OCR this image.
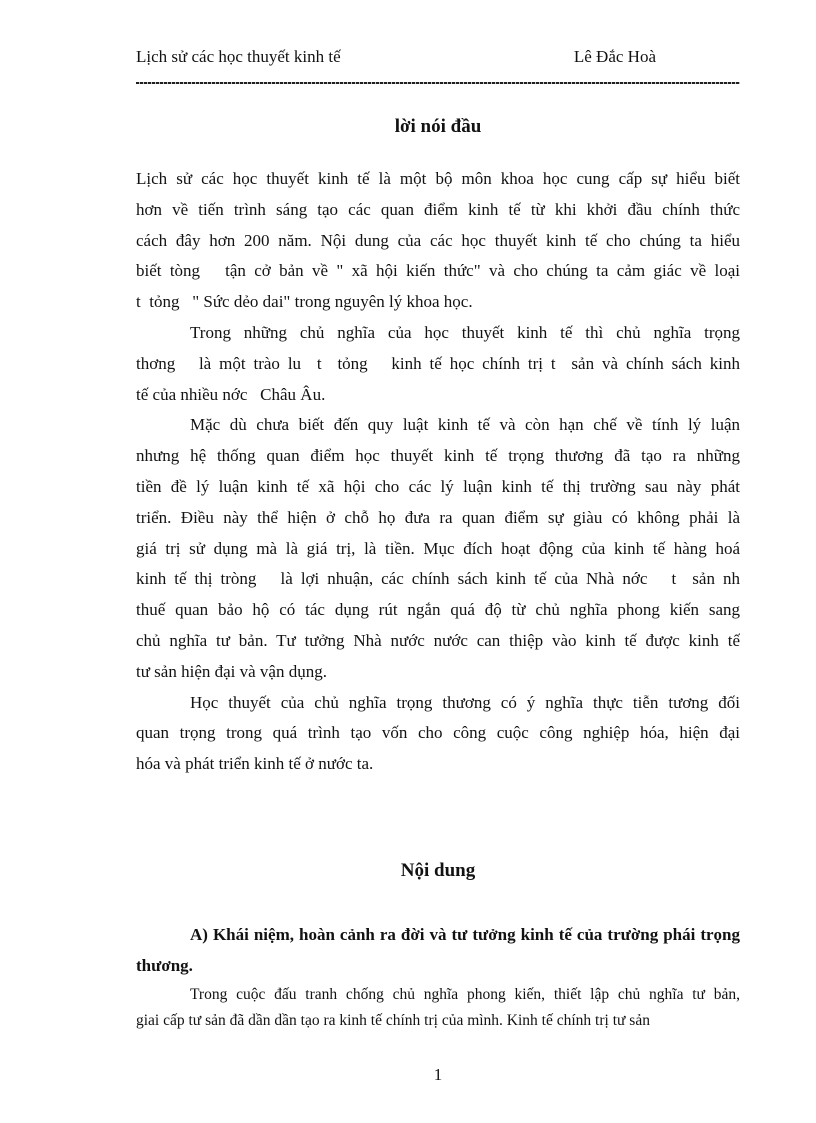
Lịch sử các học thuyết kinh tế	Lê Đắc Hoà
lời nói đầu
Lịch sử các học thuyết kinh tế là một bộ môn khoa học cung cấp sự hiểu biết
hơn về tiến trình sáng tạo các quan điểm kinh tế từ khi khởi đầu chính thức
cách đây hơn 200 năm. Nội dung của các học thuyết kinh tế cho chúng ta hiểu
biết tòng   tận cở bản về " xã hội kiến thức" và cho chúng ta cảm giác về loại
t  tỏng   " Sức dẻo dai" trong nguyên lý khoa học.
Trong những chủ nghĩa của học thuyết kinh tế thì chủ nghĩa trọng
thơng   là một trào lu  t  tỏng   kinh tế học chính trị t  sản và chính sách kinh
tế của nhiều nớc   Châu Âu.
Mặc dù chưa biết đến quy luật kinh tế và còn hạn chế về tính lý luận
nhưng hệ thống quan điểm học thuyết kinh tế trọng thương đã tạo ra những
tiền đề lý luận kinh tế xã hội cho các lý luận kinh tế thị trường sau này phát
triển. Điều này thể hiện ở chỗ họ đưa ra quan điểm sự giàu có không phải là
giá trị sử dụng mà là giá trị, là tiền. Mục đích hoạt động của kinh tế hàng hoá
kinh tế thị tròng   là lợi nhuận, các chính sách kinh tế của Nhà nớc   t  sản nh
thuế quan bảo hộ có tác dụng rút ngắn quá độ từ chủ nghĩa phong kiến sang
chủ nghĩa tư bản. Tư tưởng Nhà nước nước can thiệp vào kinh tế được kinh tế
tư sản hiện đại và vận dụng.
Học thuyết của chủ nghĩa trọng thương có ý nghĩa thực tiễn tương đối
quan trọng trong quá trình tạo vốn cho công cuộc công nghiệp hóa, hiện đại
hóa và phát triển kinh tế ở nước ta.
Nội dung
A) Khái niệm, hoàn cảnh ra đời và tư tưởng kinh tế của trường phái trọng
thương.
Trong cuộc đấu tranh chống chủ nghĩa phong kiến, thiết lập chủ nghĩa tư bản,
giai cấp tư sản đã dần dần tạo ra kinh tế chính trị của mình. Kinh tế chính trị tư sản
1
